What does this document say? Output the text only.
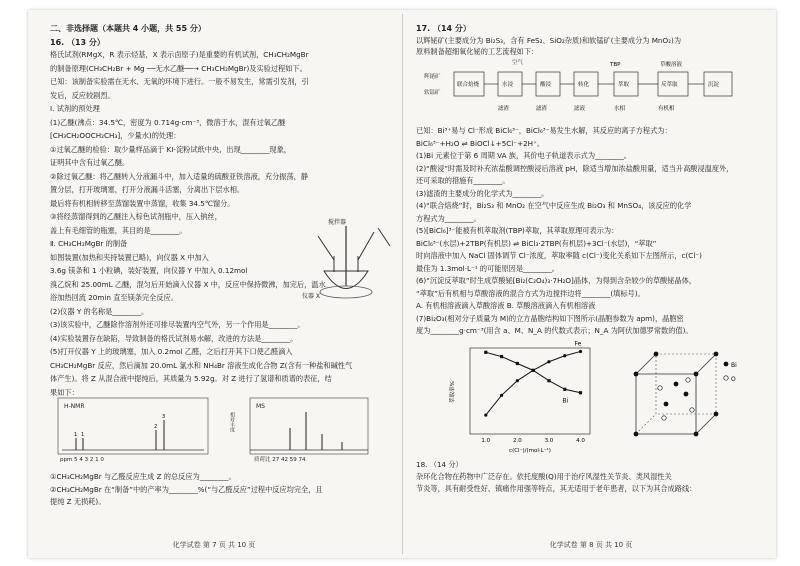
二、非选择题（本题共 4 小题，共 55 分）
16. （13 分）
格氏试剂(RMgX，R 表示烃基，X 表示卤原子)是重要的有机试剂，CH₃CH₂MgBr
的制备原理(CH₃CH₂Br + Mg ──无水乙醚──→ CH₃CH₂MgBr)及实验过程如下。
已知：该制备实验需在无水、无氧的环境下进行。一般不易发生，常需引发剂，引
发后，反应较剧烈。
Ⅰ. 试剂的预处理
(1)乙醚(沸点：34.5℃，密度为 0.714g·cm⁻³，微溶于水，混有过氧乙醚
[CH₃CH₂OOCH₂CH₃]，少量水)的处理：
①过氧乙醚的检验：取少量样品滴于 KI-淀粉试纸中央，出现________现象，
证明其中含有过氧乙醚。
②除过氧乙醚：将乙醚转入分液漏斗中，加入适量的硫酸亚铁溶液，充分振荡，静
置分层，打开玻璃塞，打开分液漏斗活塞，分离出下层水相。
最后将有机相转移至蒸馏装置中蒸馏，收集 34.5℃馏分。
③将经蒸馏得到的乙醚注入棕色试剂瓶中，压入钠丝，
盖上有毛细管的瓶塞，其目的是________。
Ⅱ. CH₃CH₂MgBr 的制备
如图装置(加热和夹持装置已略)，向仪器 X 中加入
3.6g 镁条和 1 小粒碘，装好装置，向仪器 Y 中加入 0.12mol
溴乙烷和 25.00mL 乙醚，混匀后开始滴入仪器 X 中，反应中保持微沸，加完后，温水
浴加热回流 20min 直至镁条完全反应。
(2)仪器 Y 的名称是________。
(3)该实验中，乙醚除作溶剂外还可排尽装置内空气外，另一个作用是________。
(4)实验装置存在缺陷，导致制备的格氏试剂易水解，改进的方法是________。
(5)打开仪器 Y 上的玻璃塞，加入 0.2mol 乙醛，之后打开其下口使乙醛滴入
CH₃CH₂MgBr 反应，然后滴加 20.0mL 氯水和 NH₄Br 溶液生成化合物 Z(含有一种盐和碱性气
体产生)。将 Z 从混合液中提纯后，其质量为 5.92g。对 Z 进行了氢谱和质谱的表征，结
果如下：
搅拌器
仪器 X
H-NMR
1 1
2
3
ppm 5 4 3 2 1 0
MS
相对丰度
质荷比 27 42 59 74
①CH₃CH₂MgBr 与乙醛反应生成 Z 的总反应为________。
②CH₃CH₂MgBr 在“制备”中的产率为________%(“与乙醛反应”过程中反应均完全，且
提纯 Z 无损耗)。
化学试卷 第 7 页 共 10 页
17. （14 分）
以辉铋矿(主要成分为 Bi₂S₃，含有 FeS₂、SiO₂杂质)和软锰矿(主要成分为 MnO₂)为
原料制备超细氧化铋的工艺流程如下：
辉铋矿
软锰矿
空气
联合焙烧	水浸
滤渣
酸浸
滤渣
转化
滤液
TBP
萃取
水相
草酸溶液
反萃取
有机相
沉淀
已知：Bi³⁺易与 Cl⁻形成 BiCl₆³⁻，BiCl₆³⁻易发生水解，其反应的离子方程式为：
BiCl₆³⁻+H₂O ⇌ BiOCl↓+5Cl⁻+2H⁺。
(1)Bi 元素位于第 6 周期 VA 族，其价电子轨道表示式为________。
(2)“酸浸”时需及时补充浓盐酸调控酸浸后溶液 pH，除适当增加浓盐酸用量，适当升高酸浸温度外，
还可采取的措施有________。
(3)滤渣的主要成分的化学式为________。
(4)“联合焙烧”时，Bi₂S₃ 和 MnO₂ 在空气中反应生成 Bi₂O₃ 和 MnSO₄，该反应的化学
方程式为________。
(5)[BiCl₆]³⁻能被有机萃取剂(TBP)萃取，其萃取原理可表示为：
BiCl₆³⁻(水层)+2TBP(有机层) ⇌ BiCl₃·2TBP(有机层)+3Cl⁻(水层)，“萃取”
时向溶液中加入 NaCl 固体调节 Cl⁻浓度，萃取率随 c(Cl⁻)变化关系如下左图所示，c(Cl⁻)
最佳为 1.3mol·L⁻¹ 的可能原因是________。
(6)“沉淀反萃取”时生成草酸铋[Bi₂(C₂O₄)₃·7H₂O]晶体，为得到含杂较少的草酸铋晶体，
“萃取”后有机相与草酸溶液的混合方式为边搅拌边将________(填标号)。
A. 有机相溶液滴入草酸溶液 B. 草酸溶液滴入有机相溶液
(7)Bi₂O₃(相对分子质量为 M)的立方晶胞结构如下图所示(晶胞参数为 apm)，晶胞密
度为________g·cm⁻³(用含 a、M、N_A 的代数式表示；N_A 为阿伏加德罗常数的值)。
萃取率%
c(Cl⁻)/(mol·L⁻¹)
1.0	2.0	3.0	4.0
Fe
Bi
Bi
O
18. （14 分）
杂环化合物在药物中广泛存在。依托度酸(Q)用于治疗风湿性关节炎、类风湿性关
节炎等，具有耐受性好、镇痛作用强等特点，其无适用于老年患者，以下为其合成路线：
化学试卷 第 8 页 共 10 页
